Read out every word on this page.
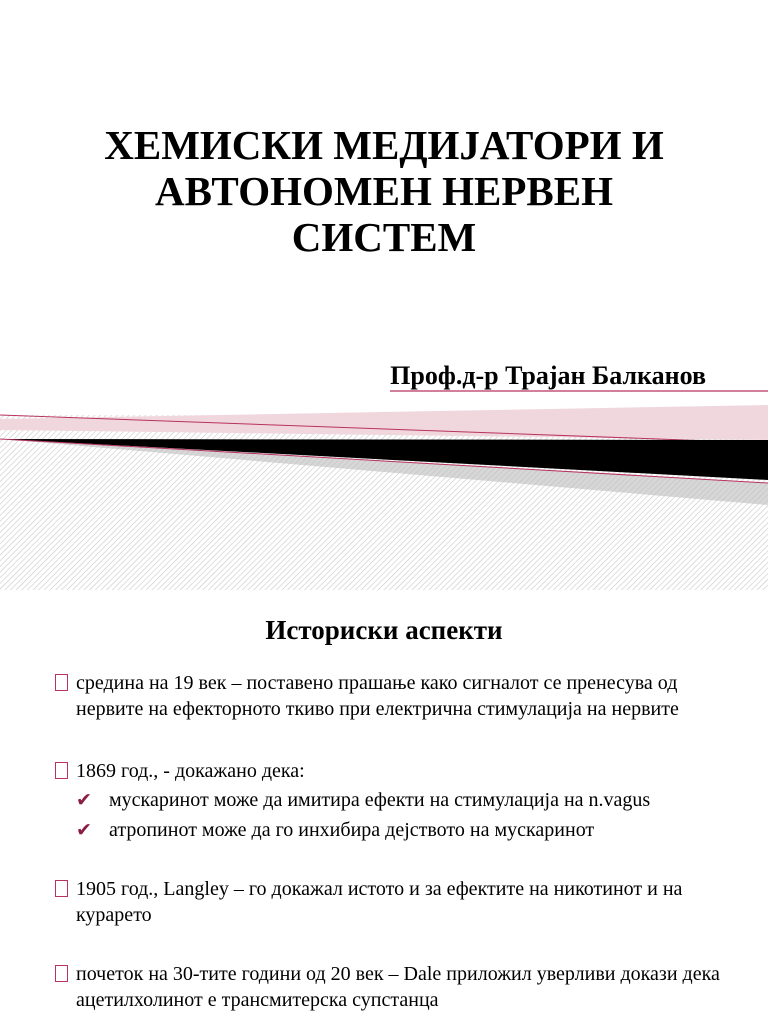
ХЕМИСКИ МЕДИЈАТОРИ И
АВТОНОМЕН НЕРВЕН
СИСТЕМ
Проф.д-р Трајан Балканов
Историски аспекти
средина на 19 век – поставено прашање како сигналот се пренесува од нервите на ефекторното ткиво при електрична стимулација на нервите
1869 год., - докажано дека:
✔ мускаринот може да имитира ефекти на стимулација на n.vagus
✔ атропинот може да го инхибира дејството на мускаринот
1905 год., Langley – го докажал истото и за ефектите на никотинот и на курарето
почеток на 30-тите години од 20 век – Dale приложил уверливи докази дека ацетилхолинот е трансмитерска супстанца
